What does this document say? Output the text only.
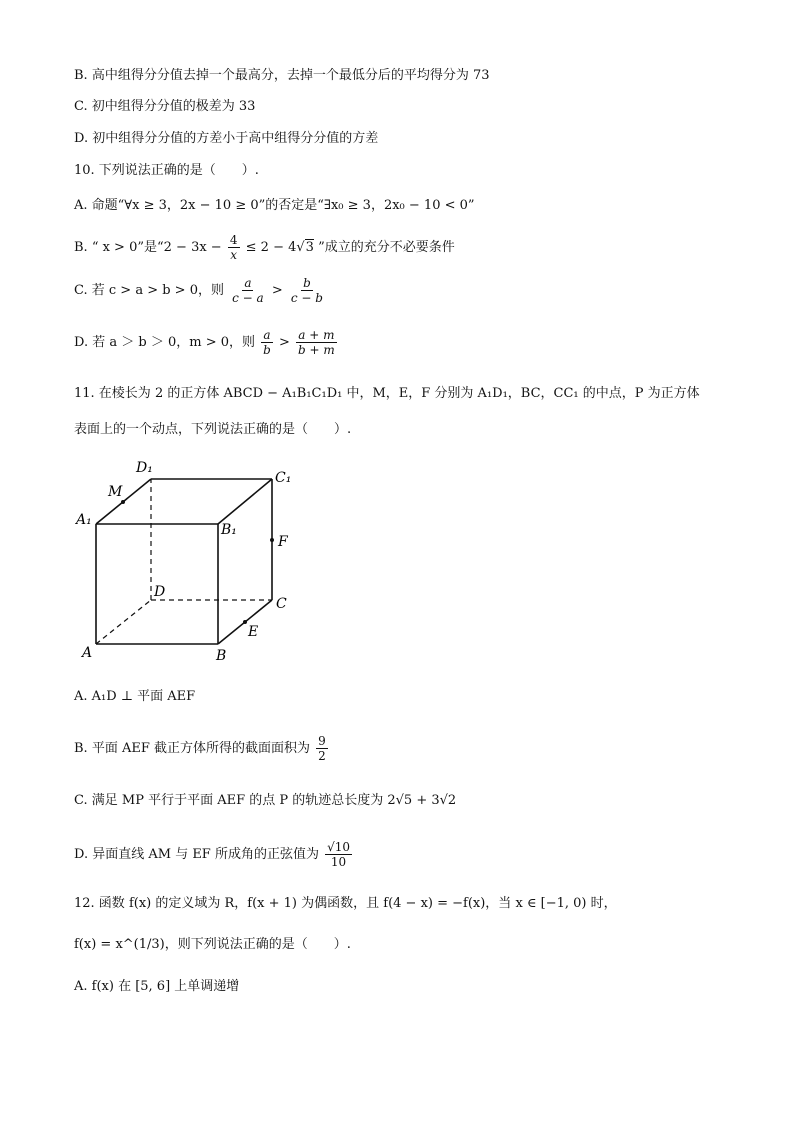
B. 高中组得分分值去掉一个最高分，去掉一个最低分后的平均得分为 73
C. 初中组得分分值的极差为 33
D. 初中组得分分值的方差小于高中组得分分值的方差
10. 下列说法正确的是（　　）.
A. 命题“∀x ≥ 3，2x − 10 ≥ 0”的否定是“∃x₀ ≥ 3，2x₀ − 10 < 0”
B. “ x > 0”是“$2 - 3x - \frac{4}{x} \le 2 - 4√3$ ”成立的充分不必要条件
C. 若 c > a > b > 0，则 $\frac{a}{c - a} > \frac{b}{c - b}$
D. 若 a ＞ b ＞ 0，m > 0，则 $\frac{a}{b} > \frac{a + m}{b + m}$
11. 在棱长为 2 的正方体 ABCD − A₁B₁C₁D₁ 中，M，E，F 分别为 A₁D₁，BC，CC₁ 的中点，P 为正方体
表面上的一个动点，下列说法正确的是（　　）.
D₁
C₁
M
A₁
B₁
F
D
C
E
A	B
A. A₁D ⊥ 平面 AEF
B. 平面 AEF 截正方体所得的截面面积为 $\frac{9}{2}$
C. 满足 MP 平行于平面 AEF 的点 P 的轨迹总长度为 2√5 + 3√2
D. 异面直线 AM 与 EF 所成角的正弦值为 $\frac{√10}{10}$
12. 函数 f(x) 的定义域为 R，f(x + 1) 为偶函数，且 f(4 − x) = −f(x)，当 x ∈ [−1, 0) 时，
f(x) = x^(1/3)，则下列说法正确的是（　　）.
A. f(x) 在 [5, 6] 上单调递增
